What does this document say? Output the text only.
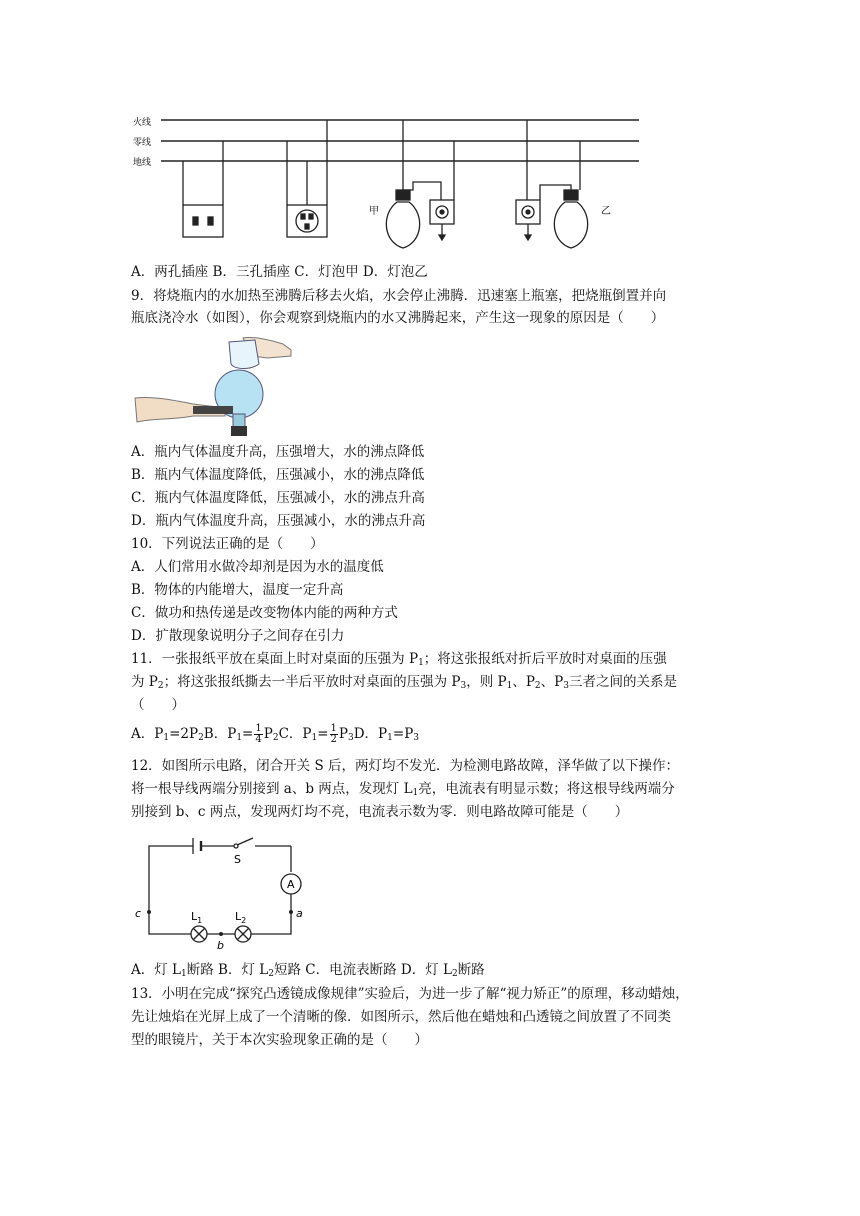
火线
零线
地线
甲	乙
A．两孔插座 B．三孔插座 C．灯泡甲 D．灯泡乙
9．将烧瓶内的水加热至沸腾后移去火焰，水会停止沸腾．迅速塞上瓶塞，把烧瓶倒置并向
瓶底浇冷水（如图），你会观察到烧瓶内的水又沸腾起来，产生这一现象的原因是（　　）
A．瓶内气体温度升高，压强增大，水的沸点降低
B．瓶内气体温度降低，压强减小，水的沸点降低
C．瓶内气体温度降低，压强减小，水的沸点升高
D．瓶内气体温度升高，压强减小，水的沸点升高
10．下列说法正确的是（　　）
A．人们常用水做冷却剂是因为水的温度低
B．物体的内能增大，温度一定升高
C．做功和热传递是改变物体内能的两种方式
D．扩散现象说明分子之间存在引力
11．一张报纸平放在桌面上时对桌面的压强为 $P_1$；将这张报纸对折后平放时对桌面的压强
为 $P_2$；将这张报纸撕去一半后平放时对桌面的压强为 $P_3$，则 $P_1$、$P_2$、$P_3$三者之间的关系是
（　　）
A．$P_1=2P_2B$．$P_1= \frac{1}{4} P_2C$．$P_1= \frac{1}{2} P_3D$．$P_1=P_3$
12．如图所示电路，闭合开关 S 后，两灯均不发光．为检测电路故障，泽华做了以下操作：
将一根导线两端分别接到 a、b 两点，发现灯 $L_1$亮，电流表有明显示数；将这根导线两端分
别接到 b、c 两点，发现两灯均不亮，电流表示数为零．则电路故障可能是（　　）
S
A
$L_1$	$L_2$
c
b
a
A．灯 $L_1$断路 B．灯 $L_2$短路 C．电流表断路 D．灯 $L_2$断路
13．小明在完成“探究凸透镜成像规律”实验后，为进一步了解“视力矫正”的原理，移动蜡烛，
先让烛焰在光屏上成了一个清晰的像．如图所示，然后他在蜡烛和凸透镜之间放置了不同类
型的眼镜片，关于本次实验现象正确的是（　　）
